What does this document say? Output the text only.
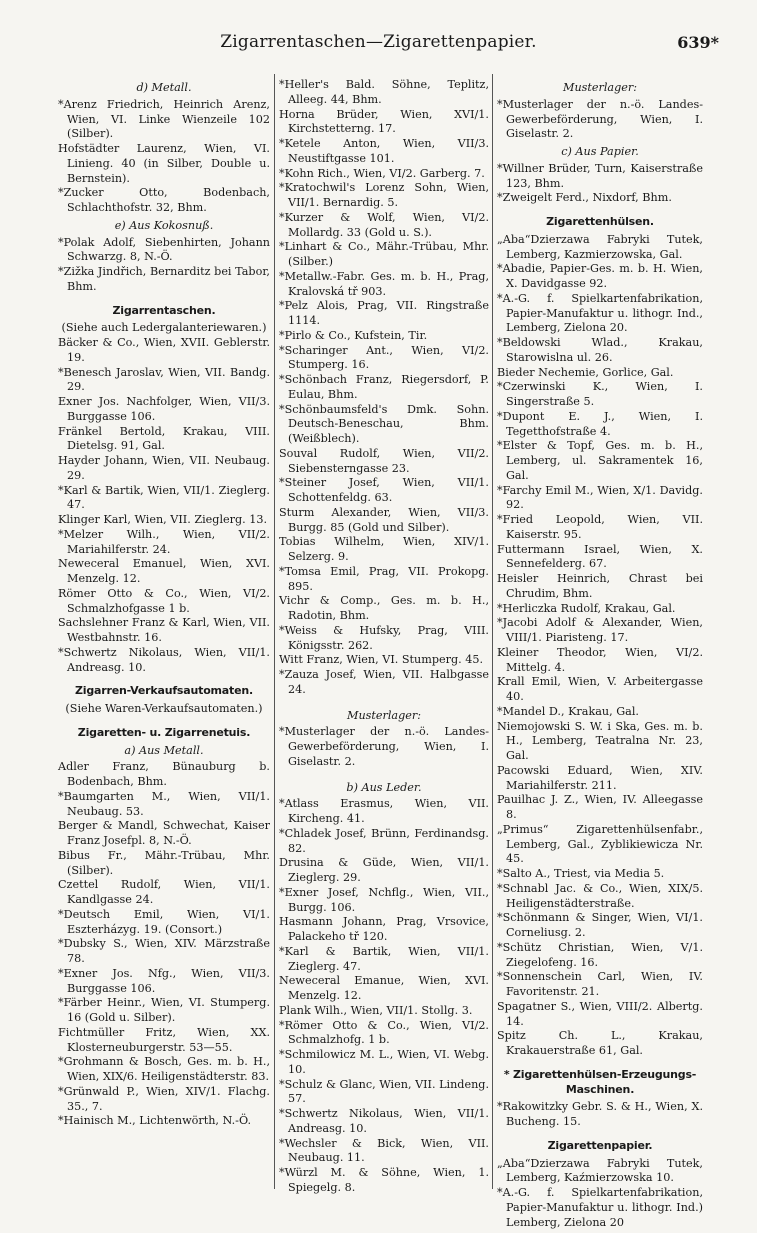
Zigarrentaschen—Zigarettenpapier.	639*
d) Metall.
*Arenz Friedrich, Heinrich Arenz, Wien, VI. Linke Wienzeile 102 (Silber).
Hofstädter Laurenz, Wien, VI. Linieng. 40 (in Silber, Double u. Bernstein).
*Zucker Otto, Bodenbach, Schlachthofstr. 32, Bhm.
e) Aus Kokosnuß.
*Polak Adolf, Siebenhirten, Johann Schwarzg. 8, N.-Ö.
*Zižka Jindřich, Bernarditz bei Tabor, Bhm.
Zigarrentaschen.
(Siehe auch Ledergalanteriewaren.)
Bäcker & Co., Wien, XVII. Geblerstr. 19.
*Benesch Jaroslav, Wien, VII. Bandg. 29.
Exner Jos. Nachfolger, Wien, VII/3. Burggasse 106.
Fränkel Bertold, Krakau, VIII. Dietelsg. 91, Gal.
Hayder Johann, Wien, VII. Neubaug. 29.
*Karl & Bartik, Wien, VII/1. Zieglerg. 47.
Klinger Karl, Wien, VII. Zieglerg. 13.
*Melzer Wilh., Wien, VII/2. Mariahilferstr. 24.
Neweceral Emanuel, Wien, XVI. Menzelg. 12.
Römer Otto & Co., Wien, VI/2. Schmalzhofgasse 1 b.
Sachslehner Franz & Karl, Wien, VII. Westbahnstr. 16.
*Schwertz Nikolaus, Wien, VII/1. Andreasg. 10.
Zigarren-Verkaufsautomaten.
(Siehe Waren-Verkaufsautomaten.)
Zigaretten- u. Zigarrenetuis.
a) Aus Metall.
Adler Franz, Bünauburg b. Bodenbach, Bhm.
*Baumgarten M., Wien, VII/1. Neubaug. 53.
Berger & Mandl, Schwechat, Kaiser Franz Josefpl. 8, N.-Ö.
Bibus Fr., Mähr.-Trübau, Mhr. (Silber).
Czettel Rudolf, Wien, VII/1. Kandlgasse 24.
*Deutsch Emil, Wien, VI/1. Eszterházyg. 19. (Consort.)
*Dubsky S., Wien, XIV. Märzstraße 78.
*Exner Jos. Nfg., Wien, VII/3. Burggasse 106.
*Färber Heinr., Wien, VI. Stumperg. 16 (Gold u. Silber).
Fichtmüller Fritz, Wien, XX. Klosterneuburgerstr. 53—55.
*Grohmann & Bosch, Ges. m. b. H., Wien, XIX/6. Heiligenstädterstr. 83.
*Grünwald P., Wien, XIV/1. Flachg. 35., 7.
*Hainisch M., Lichtenwörth, N.-Ö.
*Heller's Bald. Söhne, Teplitz, Alleeg. 44, Bhm.
Horna Brüder, Wien, XVI/1. Kirchstetterng. 17.
*Ketele Anton, Wien, VII/3. Neustiftgasse 101.
*Kohn Rich., Wien, VI/2. Garberg. 7.
*Kratochwil's Lorenz Sohn, Wien, VII/1. Bernardig. 5.
*Kurzer & Wolf, Wien, VI/2. Mollardg. 33 (Gold u. S.).
*Linhart & Co., Mähr.-Trübau, Mhr. (Silber.)
*Metallw.-Fabr. Ges. m. b. H., Prag, Kralovská tř 903.
*Pelz Alois, Prag, VII. Ringstraße 1114.
*Pirlo & Co., Kufstein, Tir.
*Scharinger Ant., Wien, VI/2. Stumperg. 16.
*Schönbach Franz, Riegersdorf, P. Eulau, Bhm.
*Schönbaumsfeld's Dmk. Sohn. Deutsch-Beneschau, Bhm. (Weißblech).
Souval Rudolf, Wien, VII/2. Siebensterngasse 23.
*Steiner Josef, Wien, VII/1. Schottenfeldg. 63.
Sturm Alexander, Wien, VII/3. Burgg. 85 (Gold und Silber).
Tobias Wilhelm, Wien, XIV/1. Selzerg. 9.
*Tomsa Emil, Prag, VII. Prokopg. 895.
Vichr & Comp., Ges. m. b. H., Radotin, Bhm.
*Weiss & Hufsky, Prag, VIII. Königsstr. 262.
Witt Franz, Wien, VI. Stumperg. 45.
*Zauza Josef, Wien, VII. Halbgasse 24.
Musterlager:
*Musterlager der n.-ö. Landes-Gewerbeförderung, Wien, I. Giselastr. 2.
b) Aus Leder.
*Atlass Erasmus, Wien, VII. Kircheng. 41.
*Chladek Josef, Brünn, Ferdinandsg. 82.
Drusina & Güde, Wien, VII/1. Zieglerg. 29.
*Exner Josef, Nchflg., Wien, VII., Burgg. 106.
Hasmann Johann, Prag, Vrsovice, Palackeho tř 120.
*Karl & Bartik, Wien, VII/1. Zieglerg. 47.
Neweceral Emanue, Wien, XVI. Menzelg. 12.
Plank Wilh., Wien, VII/1. Stollg. 3.
*Römer Otto & Co., Wien, VI/2. Schmalzhofg. 1 b.
*Schmilowicz M. L., Wien, VI. Webg. 10.
*Schulz & Glanc, Wien, VII. Lindeng. 57.
*Schwertz Nikolaus, Wien, VII/1. Andreasg. 10.
*Wechsler & Bick, Wien, VII. Neubaug. 11.
*Würzl M. & Söhne, Wien, 1. Spiegelg. 8.
Musterlager:
*Musterlager der n.-ö. Landes-Gewerbeförderung, Wien, I. Giselastr. 2.
c) Aus Papier.
*Willner Brüder, Turn, Kaiserstraße 123, Bhm.
*Zweigelt Ferd., Nixdorf, Bhm.
Zigarettenhülsen.
„Aba“Dzierzawa Fabryki Tutek, Lemberg, Kazmierzowska, Gal.
*Abadie, Papier-Ges. m. b. H. Wien, X. Davidgasse 92.
*A.-G. f. Spielkartenfabrikation, Papier-Manufaktur u. lithogr. Ind., Lemberg, Zielona 20.
*Beldowski Wlad., Krakau, Starowislna ul. 26.
Bieder Nechemie, Gorlice, Gal.
*Czerwinski K., Wien, I. Singerstraße 5.
*Dupont E. J., Wien, I. Tegetthofstraße 4.
*Elster & Topf, Ges. m. b. H., Lemberg, ul. Sakramentek 16, Gal.
*Farchy Emil M., Wien, X/1. Davidg. 92.
*Fried Leopold, Wien, VII. Kaiserstr. 95.
Futtermann Israel, Wien, X. Sennefelderg. 67.
Heisler Heinrich, Chrast bei Chrudim, Bhm.
*Herliczka Rudolf, Krakau, Gal.
*Jacobi Adolf & Alexander, Wien, VIII/1. Piaristeng. 17.
Kleiner Theodor, Wien, VI/2. Mittelg. 4.
Krall Emil, Wien, V. Arbeitergasse 40.
*Mandel D., Krakau, Gal.
Niemojowski S. W. i Ska, Ges. m. b. H., Lemberg, Teatralna Nr. 23, Gal.
Pacowski Eduard, Wien, XIV. Mariahilferstr. 211.
Pauilhac J. Z., Wien, IV. Alleegasse 8.
„Primus“ Zigarettenhülsenfabr., Lemberg, Gal., Zyblikiewicza Nr. 45.
*Salto A., Triest, via Media 5.
*Schnabl Jac. & Co., Wien, XIX/5. Heiligenstädterstraße.
*Schönmann & Singer, Wien, VI/1. Corneliusg. 2.
*Schütz Christian, Wien, V/1. Ziegelofeng. 16.
*Sonnenschein Carl, Wien, IV. Favoritenstr. 21.
Spagatner S., Wien, VIII/2. Albertg. 14.
Spitz Ch. L., Krakau, Krakauerstraße 61, Gal.
* Zigarettenhülsen-Erzeugungs-Maschinen.
*Rakowitzky Gebr. S. & H., Wien, X. Bucheng. 15.
Zigarettenpapier.
„Aba“Dzierzawa Fabryki Tutek, Lemberg, Kaźmierzowska 10.
*A.-G. f. Spielkartenfabrikation, Papier-Manufaktur u. lithogr. Ind.) Lemberg, Zielona 20
